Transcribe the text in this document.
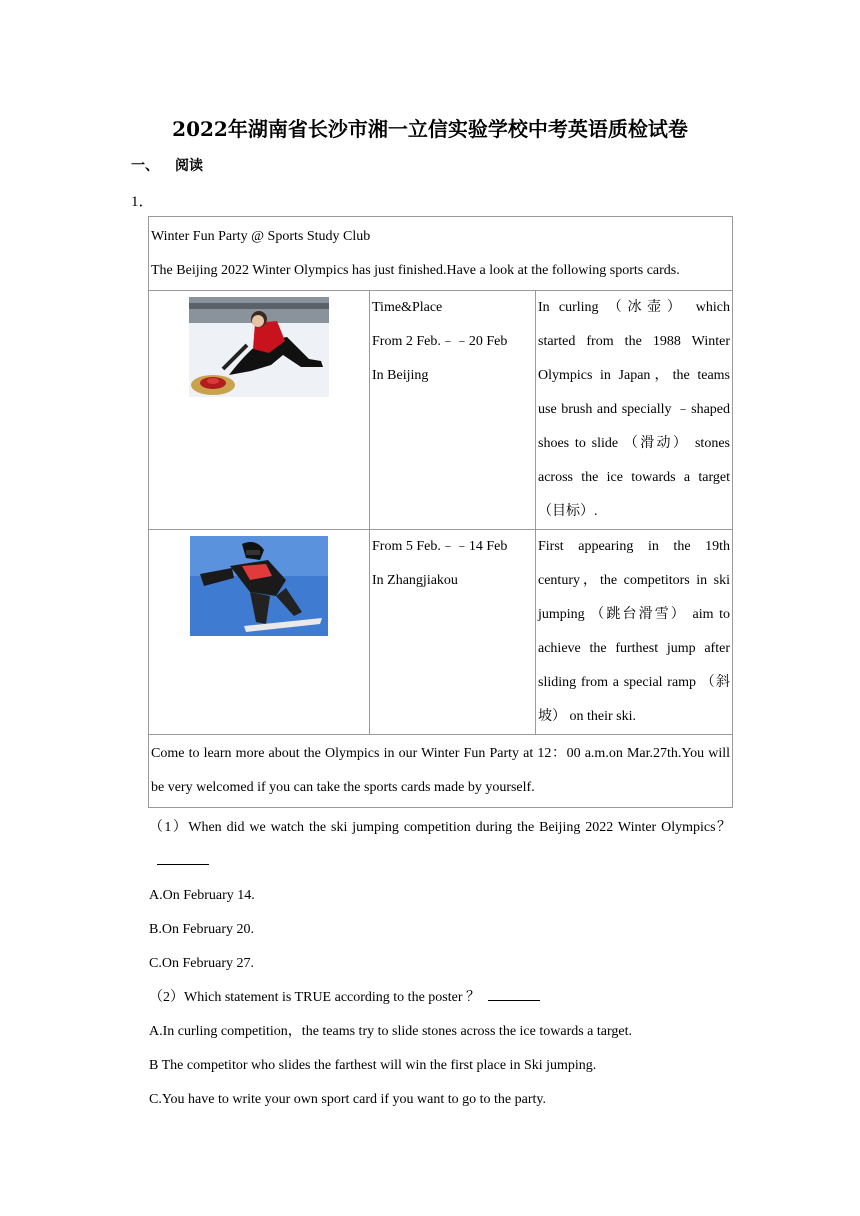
2022年湖南省长沙市湘一立信实验学校中考英语质检试卷
一、 阅读
1．
Winter Fun Party @ Sports Study Club
The Beijing 2022 Winter Olympics has just finished.Have a look at the following sports cards.		

Time&Place
From 2 Feb.﹣﹣20 Feb
In Beijing	In curling （冰壶） which started from the 1988 Winter Olympics in Japan，the teams use brush and specially ﹣shaped shoes to slide （滑动） stones across the ice towards a target （目标）.

From 5 Feb.﹣﹣14 Feb
In Zhangjiakou	First appearing in the 19th century，the competitors in ski jumping （跳台滑雪） aim to achieve the furthest jump after sliding from a special ramp （斜坡） on their ski.

Come to learn more about the Olympics in our Winter Fun Party at 12：00 a.m.on Mar.27th.You will be very welcomed if you can take the sports cards made by yourself.		

（1）When did we watch the ski jumping competition during the Beijing 2022 Winter Olympics？

A.On February 14.

B.On February 20.

C.On February 27.

（2）Which statement is TRUE according to the poster ？

A.In curling competition，the teams try to slide stones across the ice towards a target.

B The competitor who slides the farthest will win the first place in Ski jumping.

C.You have to write your own sport card if you want to go to the party.
